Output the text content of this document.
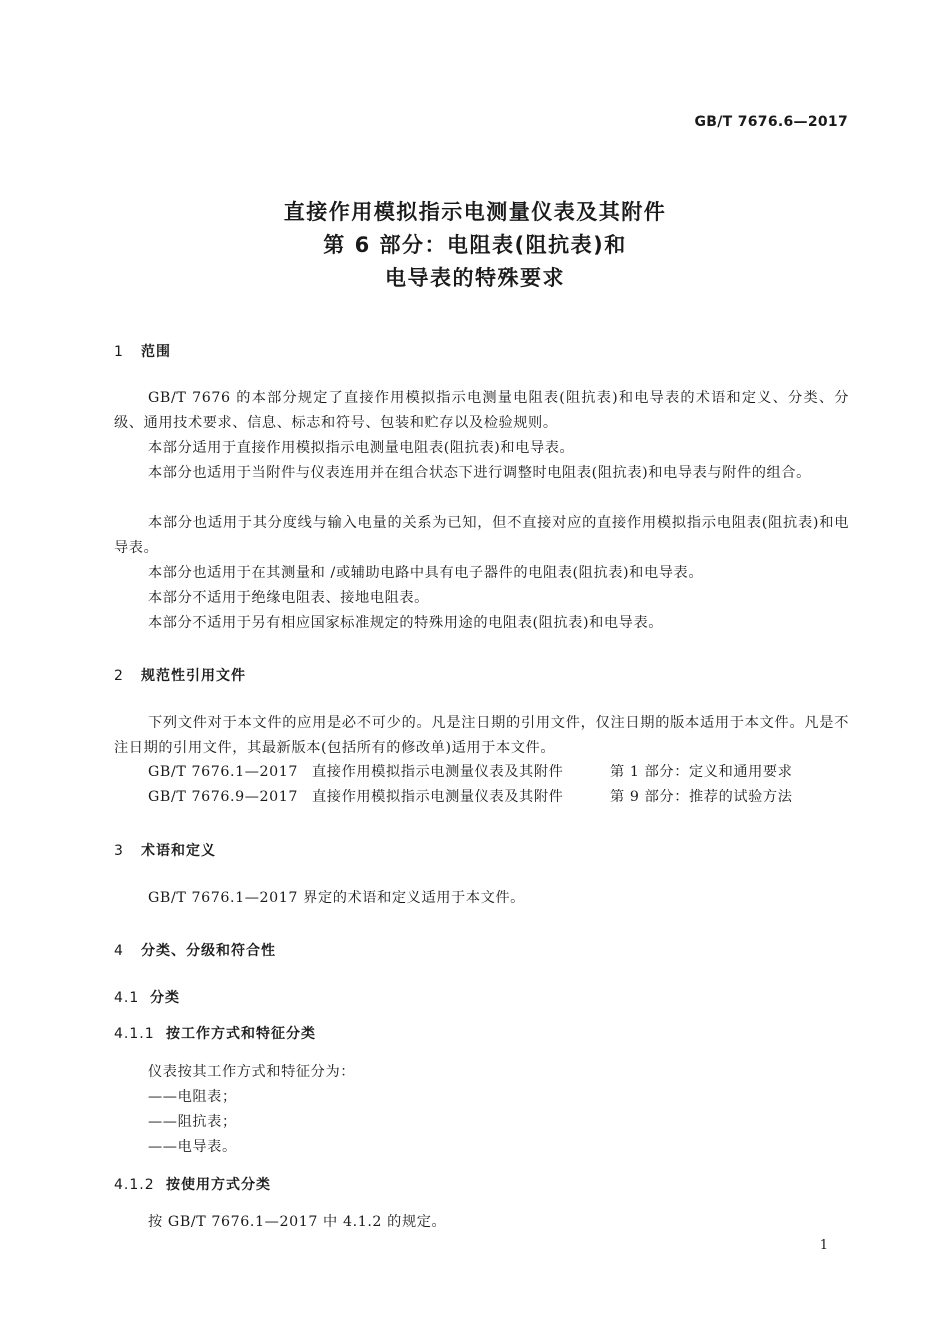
GB/T 7676.6—2017
直接作用模拟指示电测量仪表及其附件
第 6 部分：电阻表(阻抗表)和
电导表的特殊要求
1 范围
GB/T 7676 的本部分规定了直接作用模拟指示电测量电阻表(阻抗表)和电导表的术语和定义、分类、分级、通用技术要求、信息、标志和符号、包装和贮存以及检验规则。
本部分适用于直接作用模拟指示电测量电阻表(阻抗表)和电导表。
本部分也适用于当附件与仪表连用并在组合状态下进行调整时电阻表(阻抗表)和电导表与附件的组合。
本部分也适用于其分度线与输入电量的关系为已知，但不直接对应的直接作用模拟指示电阻表(阻抗表)和电导表。
本部分也适用于在其测量和 /或辅助电路中具有电子器件的电阻表(阻抗表)和电导表。
本部分不适用于绝缘电阻表、接地电阻表。
本部分不适用于另有相应国家标准规定的特殊用途的电阻表(阻抗表)和电导表。
2 规范性引用文件
下列文件对于本文件的应用是必不可少的。凡是注日期的引用文件，仅注日期的版本适用于本文件。凡是不注日期的引用文件，其最新版本(包括所有的修改单)适用于本文件。
GB/T 7676.1—2017 直接作用模拟指示电测量仪表及其附件	第 1 部分：定义和通用要求
GB/T 7676.9—2017 直接作用模拟指示电测量仪表及其附件	第 9 部分：推荐的试验方法
3 术语和定义
GB/T 7676.1—2017 界定的术语和定义适用于本文件。
4 分类、分级和符合性
4.1 分类
4.1.1 按工作方式和特征分类
仪表按其工作方式和特征分为：
——电阻表；
——阻抗表；
——电导表。
4.1.2 按使用方式分类
按 GB/T 7676.1—2017 中 4.1.2 的规定。
1
